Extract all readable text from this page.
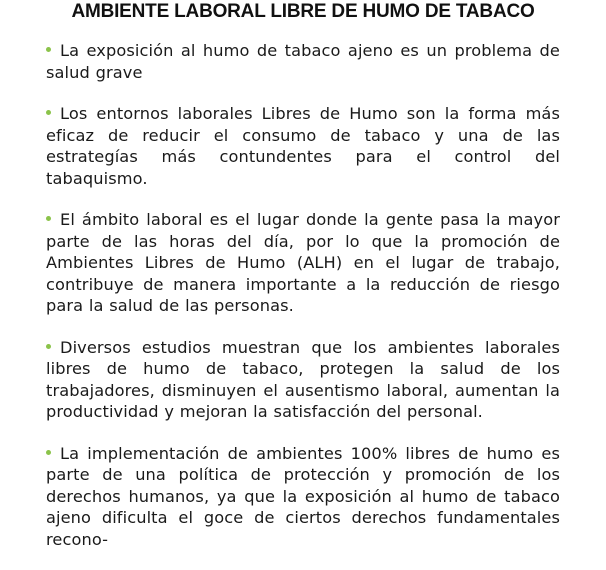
AMBIENTE LABORAL LIBRE DE HUMO DE TABACO

La exposición al humo de tabaco ajeno es un problema de salud grave

Los entornos laborales Libres de Humo son la forma más eficaz de reducir el consumo de tabaco y una de las estrategías más contundentes para el control del tabaquismo.

El ámbito laboral es el lugar donde la gente pasa la mayor parte de las horas del día, por lo que la promoción de Ambientes Libres de Humo (ALH) en el lugar de trabajo, contribuye de manera importante a la reducción de riesgo para la salud de las personas.

Diversos estudios muestran que los ambientes laborales libres de humo de tabaco, protegen la salud de los trabajadores, disminuyen el ausentismo laboral, aumentan la productividad y mejoran la satisfacción del personal.

La implementación de ambientes 100% libres de humo es parte de una política de protección y promoción de los derechos humanos, ya que la exposición al humo de tabaco ajeno dificulta el goce de ciertos derechos fundamentales recono-
